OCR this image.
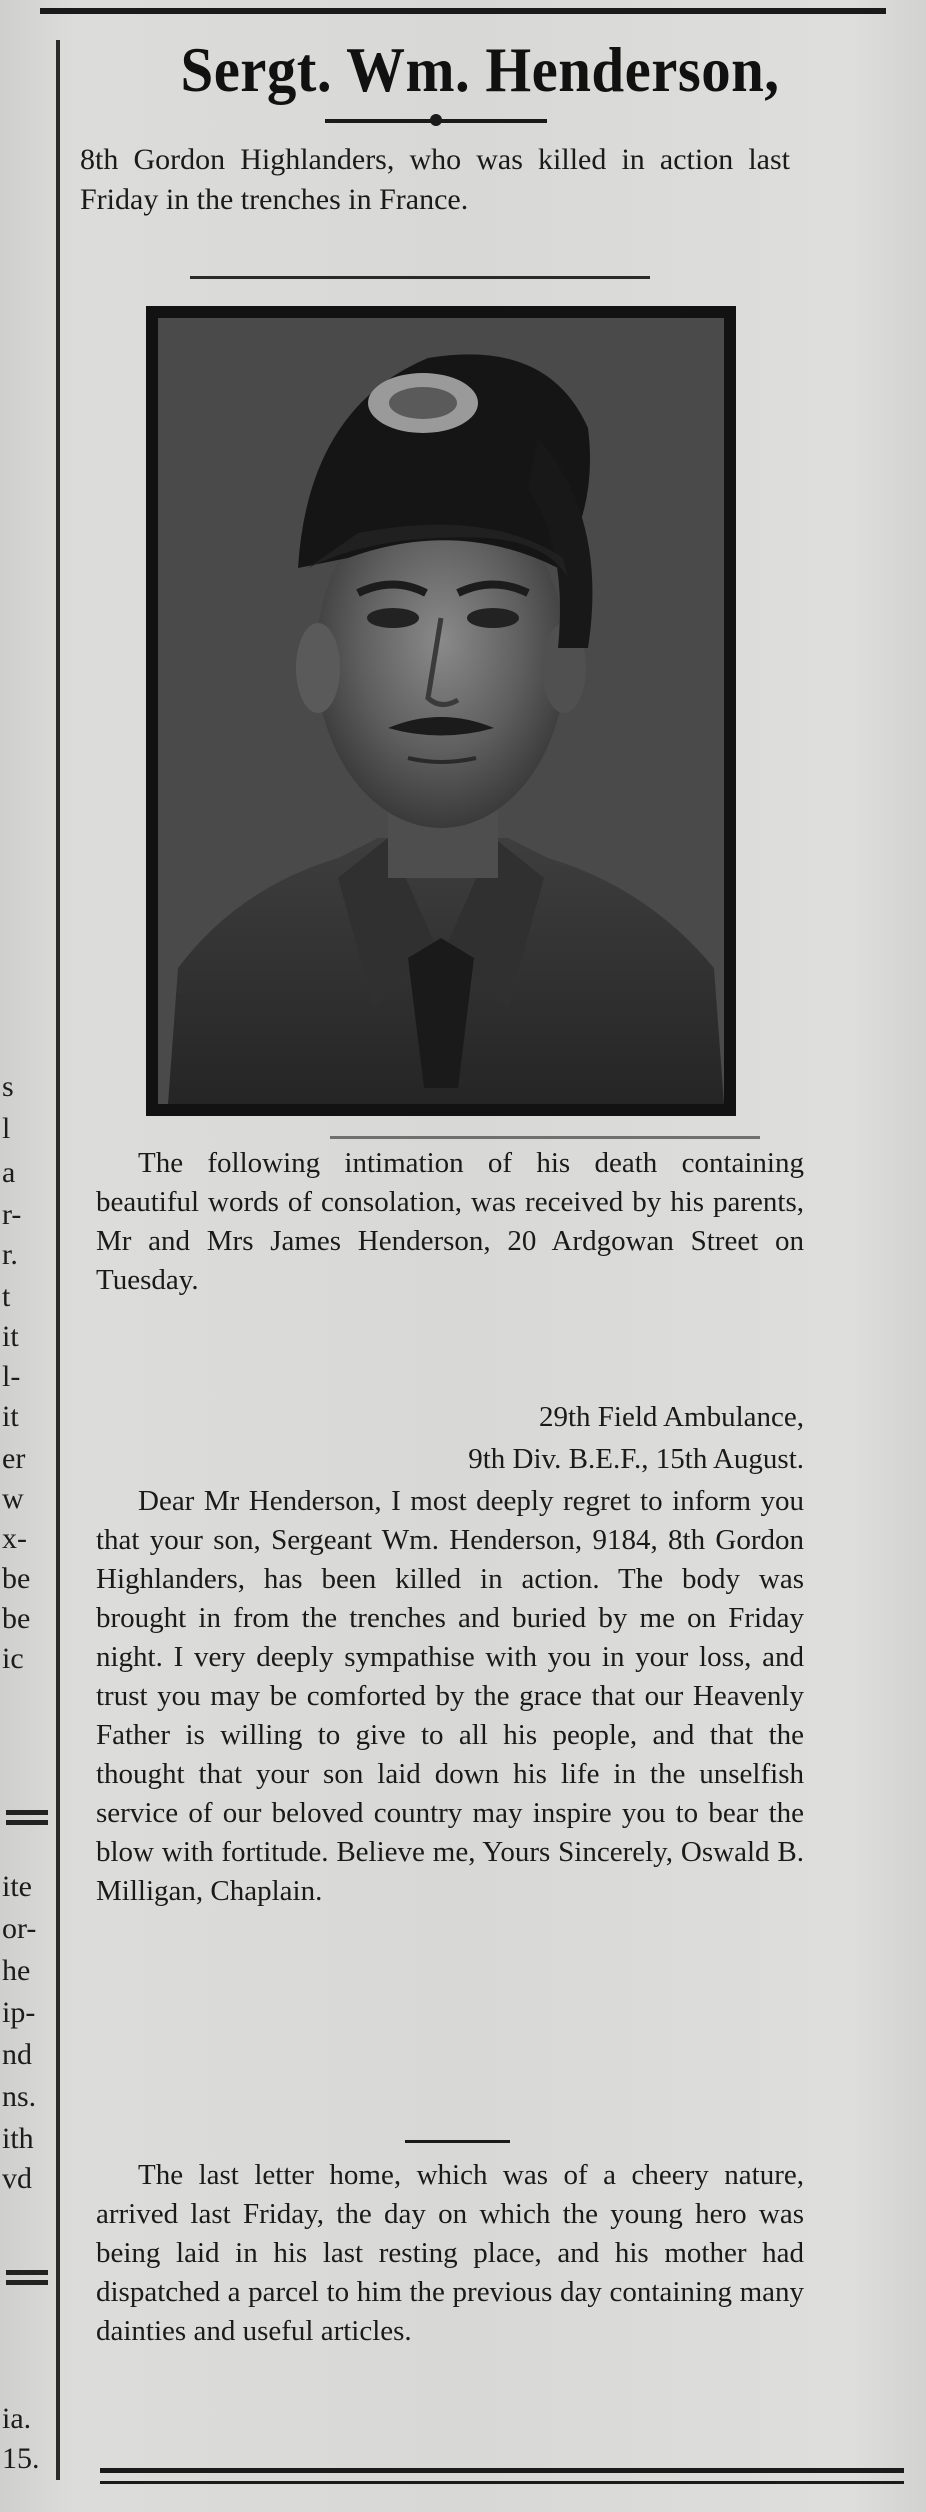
s
l
a
r-
r.
t
it
l-
it
er
w
x-
be
be
ic
ite
or-
he
ip-
nd
ns.
ith
vd
ia.
15.
Sergt. Wm. Henderson,
8th Gordon Highlanders, who was killed in action last Friday in the trenches in France.
The following intimation of his death containing beautiful words of consolation, was received by his parents, Mr and Mrs James Henderson, 20 Ardgowan Street on Tuesday.
29th Field Ambulance,
9th Div. B.E.F., 15th August.
Dear Mr Henderson, I most deeply regret to inform you that your son, Sergeant Wm. Henderson, 9184, 8th Gordon Highlanders, has been killed in action. The body was brought in from the trenches and buried by me on Friday night. I very deeply sympathise with you in your loss, and trust you may be comforted by the grace that our Heavenly Father is willing to give to all his people, and that the thought that your son laid down his life in the unselfish service of our beloved country may inspire you to bear the blow with fortitude. Believe me, Yours Sincerely, Oswald B. Milligan, Chaplain.
The last letter home, which was of a cheery nature, arrived last Friday, the day on which the young hero was being laid in his last resting place, and his mother had dispatched a parcel to him the previous day containing many dainties and useful articles.
